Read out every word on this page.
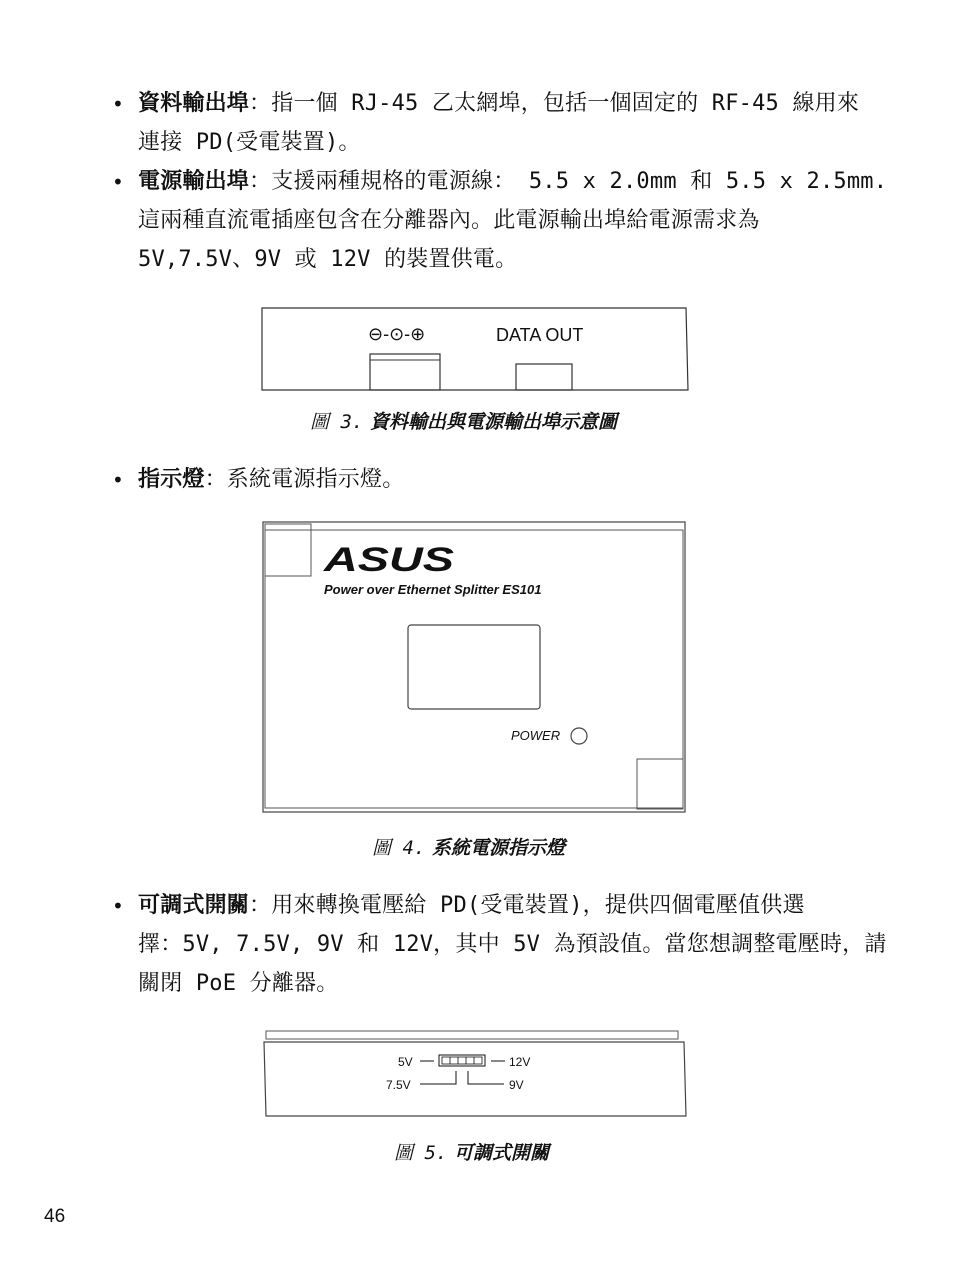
• 資料輸出埠：指一個 RJ-45 乙太網埠，包括一個固定的 RF-45 線用來
連接 PD(受電裝置)。
• 電源輸出埠：支援兩種規格的電源線： 5.5 x 2.0mm 和 5.5 x 2.5mm.
這兩種直流電插座包含在分離器內。此電源輸出埠給電源需求為
5V,7.5V、9V 或 12V 的裝置供電。
⊖-⊙-⊕	DATA OUT
圖 3. 資料輸出與電源輸出埠示意圖
• 指示燈：系統電源指示燈。
ASUS
Power over Ethernet Splitter ES101
POWER
圖 4. 系統電源指示燈
• 可調式開關：用來轉換電壓給 PD(受電裝置)，提供四個電壓值供選
擇：5V, 7.5V, 9V 和 12V，其中 5V 為預設值。當您想調整電壓時，請
關閉 PoE 分離器。
5V	12V
7.5V	9V
圖 5. 可調式開關
46
